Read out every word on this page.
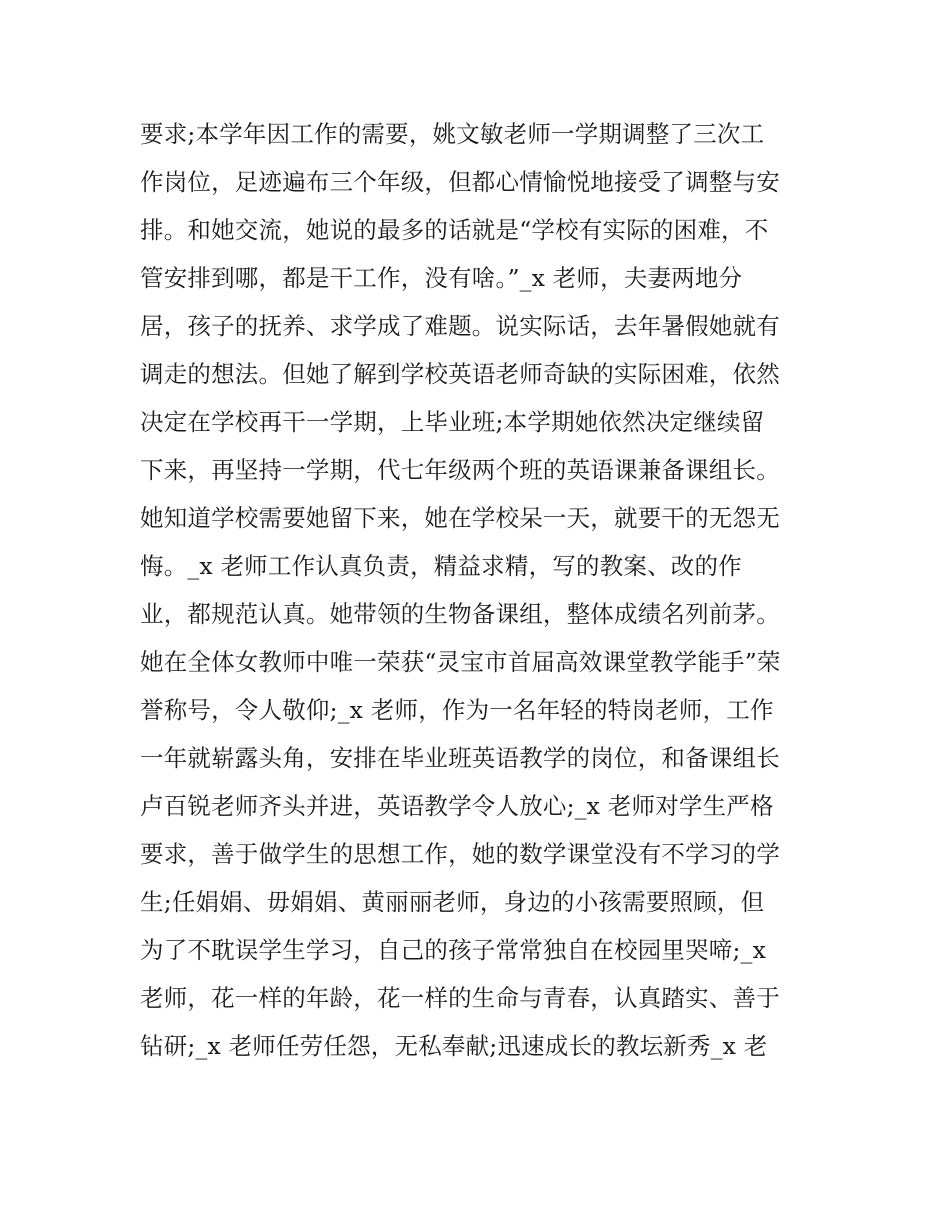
要求;本学年因工作的需要，姚文敏老师一学期调整了三次工
作岗位，足迹遍布三个年级，但都心情愉悦地接受了调整与安
排。和她交流，她说的最多的话就是“学校有实际的困难，不
管安排到哪，都是干工作，没有啥。”_x 老师，夫妻两地分
居，孩子的抚养、求学成了难题。说实际话，去年暑假她就有
调走的想法。但她了解到学校英语老师奇缺的实际困难，依然
决定在学校再干一学期，上毕业班;本学期她依然决定继续留
下来，再坚持一学期，代七年级两个班的英语课兼备课组长。
她知道学校需要她留下来，她在学校呆一天，就要干的无怨无
悔。_x 老师工作认真负责，精益求精，写的教案、改的作
业，都规范认真。她带领的生物备课组，整体成绩名列前茅。
她在全体女教师中唯一荣获“灵宝市首届高效课堂教学能手”荣
誉称号，令人敬仰;_x 老师，作为一名年轻的特岗老师，工作
一年就崭露头角，安排在毕业班英语教学的岗位，和备课组长
卢百锐老师齐头并进，英语教学令人放心;_x 老师对学生严格
要求，善于做学生的思想工作，她的数学课堂没有不学习的学
生;任娟娟、毋娟娟、黄丽丽老师，身边的小孩需要照顾，但
为了不耽误学生学习，自己的孩子常常独自在校园里哭啼;_x
老师，花一样的年龄，花一样的生命与青春，认真踏实、善于
钻研;_x 老师任劳任怨，无私奉献;迅速成长的教坛新秀_x 老
